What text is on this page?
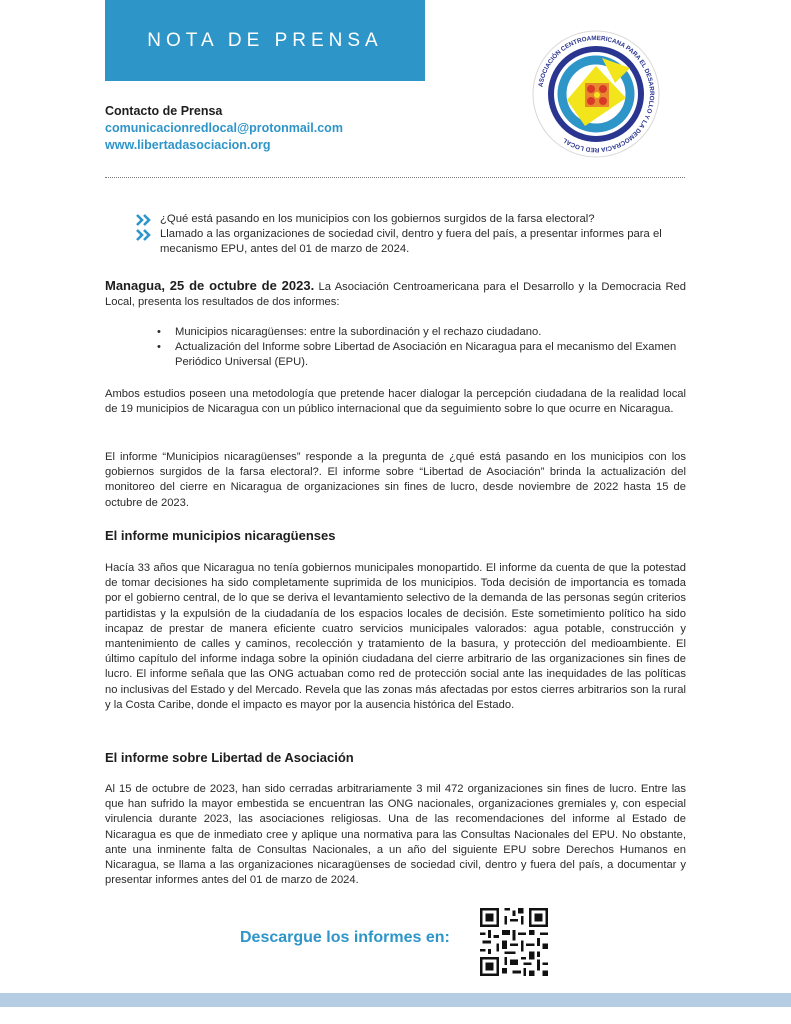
NOTA DE PRENSA
ASOCIACIÓN CENTROAMERICANA PARA EL DESARROLLO Y LA DEMOCRACIA RED LOCAL
Contacto de Prensa
comunicacionredlocal@protonmail.com
www.libertadasociacion.org
¿Qué está pasando en los municipios con los gobiernos surgidos de la farsa electoral?
Llamado a las organizaciones de sociedad civil, dentro y fuera del país, a presentar informes para el mecanismo EPU, antes del 01 de marzo de 2024.
Managua, 25 de octubre de 2023. La Asociación Centroamericana para el Desarrollo y la Democracia Red Local, presenta los resultados de dos informes:
• Municipios nicaragüenses: entre la subordinación y el rechazo ciudadano.
• Actualización del Informe sobre Libertad de Asociación en Nicaragua para el mecanismo del Examen Periódico Universal (EPU).
Ambos estudios poseen una metodología que pretende hacer dialogar la percepción ciudadana de la realidad local de 19 municipios de Nicaragua con un público internacional que da seguimiento sobre lo que ocurre en Nicaragua.
El informe “Municipios nicaragüenses” responde a la pregunta de ¿qué está pasando en los municipios con los gobiernos surgidos de la farsa electoral?. El informe sobre “Libertad de Asociación” brinda la actualización del monitoreo del cierre en Nicaragua de organizaciones sin fines de lucro, desde noviembre de 2022 hasta 15 de octubre de 2023.
El informe municipios nicaragüenses
Hacía 33 años que Nicaragua no tenía gobiernos municipales monopartido. El informe da cuenta de que la potestad de tomar decisiones ha sido completamente suprimida de los municipios. Toda decisión de importancia es tomada por el gobierno central, de lo que se deriva el levantamiento selectivo de la demanda de las personas según criterios partidistas y la expulsión de la ciudadanía de los espacios locales de decisión. Este sometimiento político ha sido incapaz de prestar de manera eficiente cuatro servicios municipales valorados: agua potable, construcción y mantenimiento de calles y caminos, recolección y tratamiento de la basura, y protección del medioambiente. El último capítulo del informe indaga sobre la opinión ciudadana del cierre arbitrario de las organizaciones sin fines de lucro. El informe señala que las ONG actuaban como red de protección social ante las inequidades de las políticas no inclusivas del Estado y del Mercado. Revela que las zonas más afectadas por estos cierres arbitrarios son la rural y la Costa Caribe, donde el impacto es mayor por la ausencia histórica del Estado.
El informe sobre Libertad de Asociación
Al 15 de octubre de 2023, han sido cerradas arbitrariamente 3 mil 472 organizaciones sin fines de lucro. Entre las que han sufrido la mayor embestida se encuentran las ONG nacionales, organizaciones gremiales y, con especial virulencia durante 2023, las asociaciones religiosas. Una de las recomendaciones del informe al Estado de Nicaragua es que de inmediato cree y aplique una normativa para las Consultas Nacionales del EPU. No obstante, ante una inminente falta de Consultas Nacionales, a un año del siguiente EPU sobre Derechos Humanos en Nicaragua, se llama a las organizaciones nicaragüenses de sociedad civil, dentro y fuera del país, a documentar y presentar informes antes del 01 de marzo de 2024.
Descargue los informes en:
